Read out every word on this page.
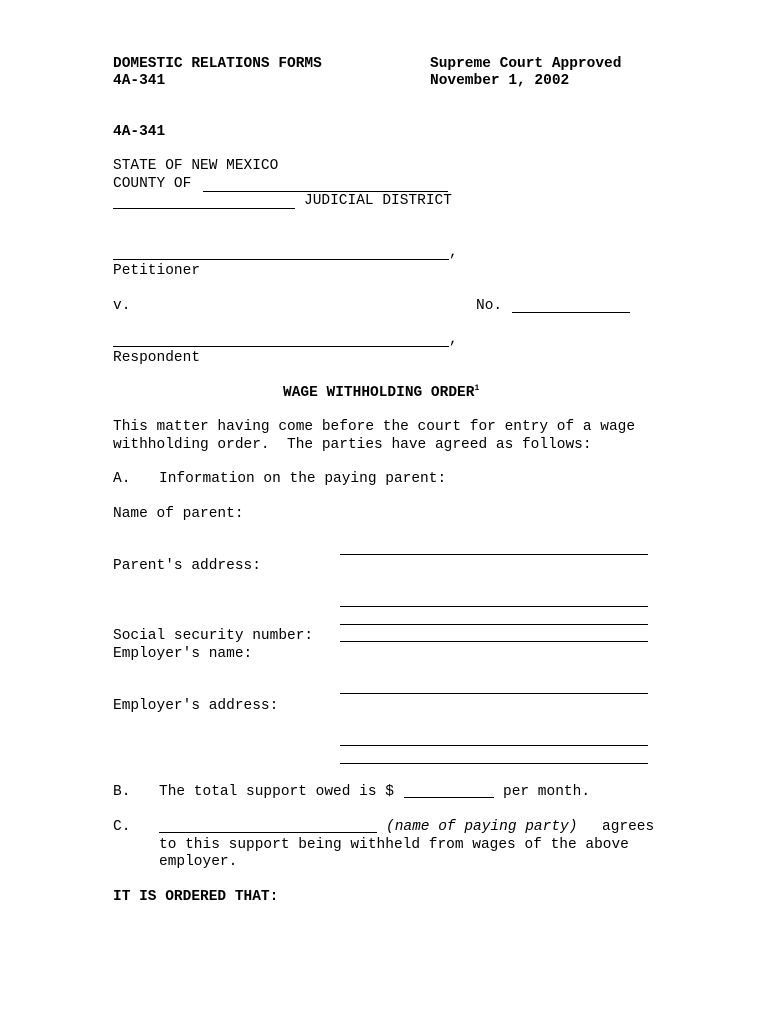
DOMESTIC RELATIONS FORMS
4A-341
Supreme Court Approved
November 1, 2002
4A-341
STATE OF NEW MEXICO
COUNTY OF
JUDICIAL DISTRICT
,
Petitioner
v.	No.
,
Respondent
WAGE WITHHOLDING ORDER$^1$
This matter having come before the court for entry of a wage
withholding order.  The parties have agreed as follows:
A. Information on the paying parent:
Name of parent:
Parent's address:
Social security number:
Employer's name:
Employer's address:
B. The total support owed is $	per month.
C.	(name of paying party) agrees
to this support being withheld from wages of the above
employer.
IT IS ORDERED THAT:
